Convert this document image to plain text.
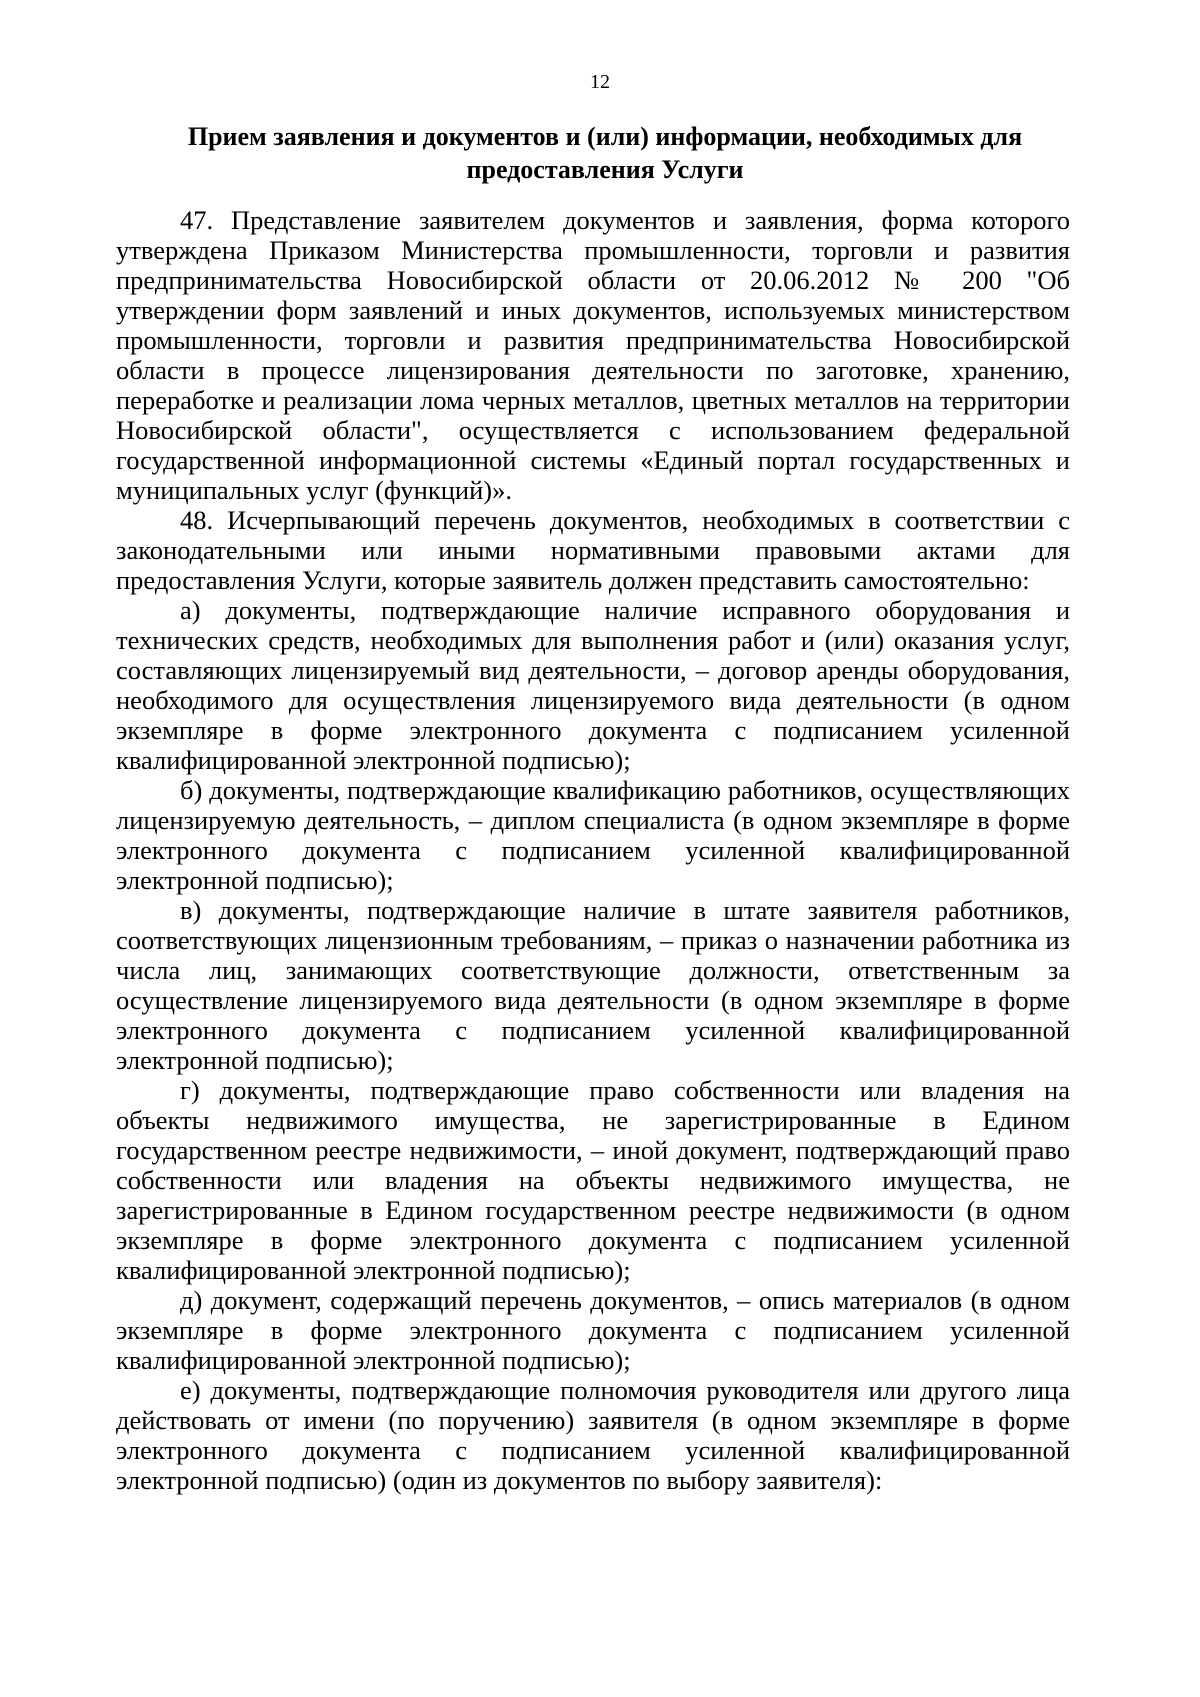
12
Прием заявления и документов и (или) информации, необходимых для
предоставления Услуги

47. Представление заявителем документов и заявления, форма которого утверждена Приказом Министерства промышленности, торговли и развития предпринимательства Новосибирской области от 20.06.2012 № 200 "Об утверждении форм заявлений и иных документов, используемых министерством промышленности, торговли и развития предпринимательства Новосибирской области в процессе лицензирования деятельности по заготовке, хранению, переработке и реализации лома черных металлов, цветных металлов на территории Новосибирской области", осуществляется с использованием федеральной государственной информационной системы «Единый портал государственных и муниципальных услуг (функций)».

48. Исчерпывающий перечень документов, необходимых в соответствии с законодательными или иными нормативными правовыми актами для предоставления Услуги, которые заявитель должен представить самостоятельно:

а) документы, подтверждающие наличие исправного оборудования и технических средств, необходимых для выполнения работ и (или) оказания услуг, составляющих лицензируемый вид деятельности, – договор аренды оборудования, необходимого для осуществления лицензируемого вида деятельности (в одном экземпляре в форме электронного документа с подписанием усиленной квалифицированной электронной подписью);

б) документы, подтверждающие квалификацию работников, осуществляющих лицензируемую деятельность, – диплом специалиста (в одном экземпляре в форме электронного документа с подписанием усиленной квалифицированной электронной подписью);

в) документы, подтверждающие наличие в штате заявителя работников, соответствующих лицензионным требованиям, – приказ о назначении работника из числа лиц, занимающих соответствующие должности, ответственным за осуществление лицензируемого вида деятельности (в одном экземпляре в форме электронного документа с подписанием усиленной квалифицированной электронной подписью);

г) документы, подтверждающие право собственности или владения на объекты недвижимого имущества, не зарегистрированные в Едином государственном реестре недвижимости, – иной документ, подтверждающий право собственности или владения на объекты недвижимого имущества, не зарегистрированные в Едином государственном реестре недвижимости (в одном экземпляре в форме электронного документа с подписанием усиленной квалифицированной электронной подписью);

д) документ, содержащий перечень документов, – опись материалов (в одном экземпляре в форме электронного документа с подписанием усиленной квалифицированной электронной подписью);

е) документы, подтверждающие полномочия руководителя или другого лица действовать от имени (по поручению) заявителя (в одном экземпляре в форме электронного документа с подписанием усиленной квалифицированной электронной подписью) (один из документов по выбору заявителя):
